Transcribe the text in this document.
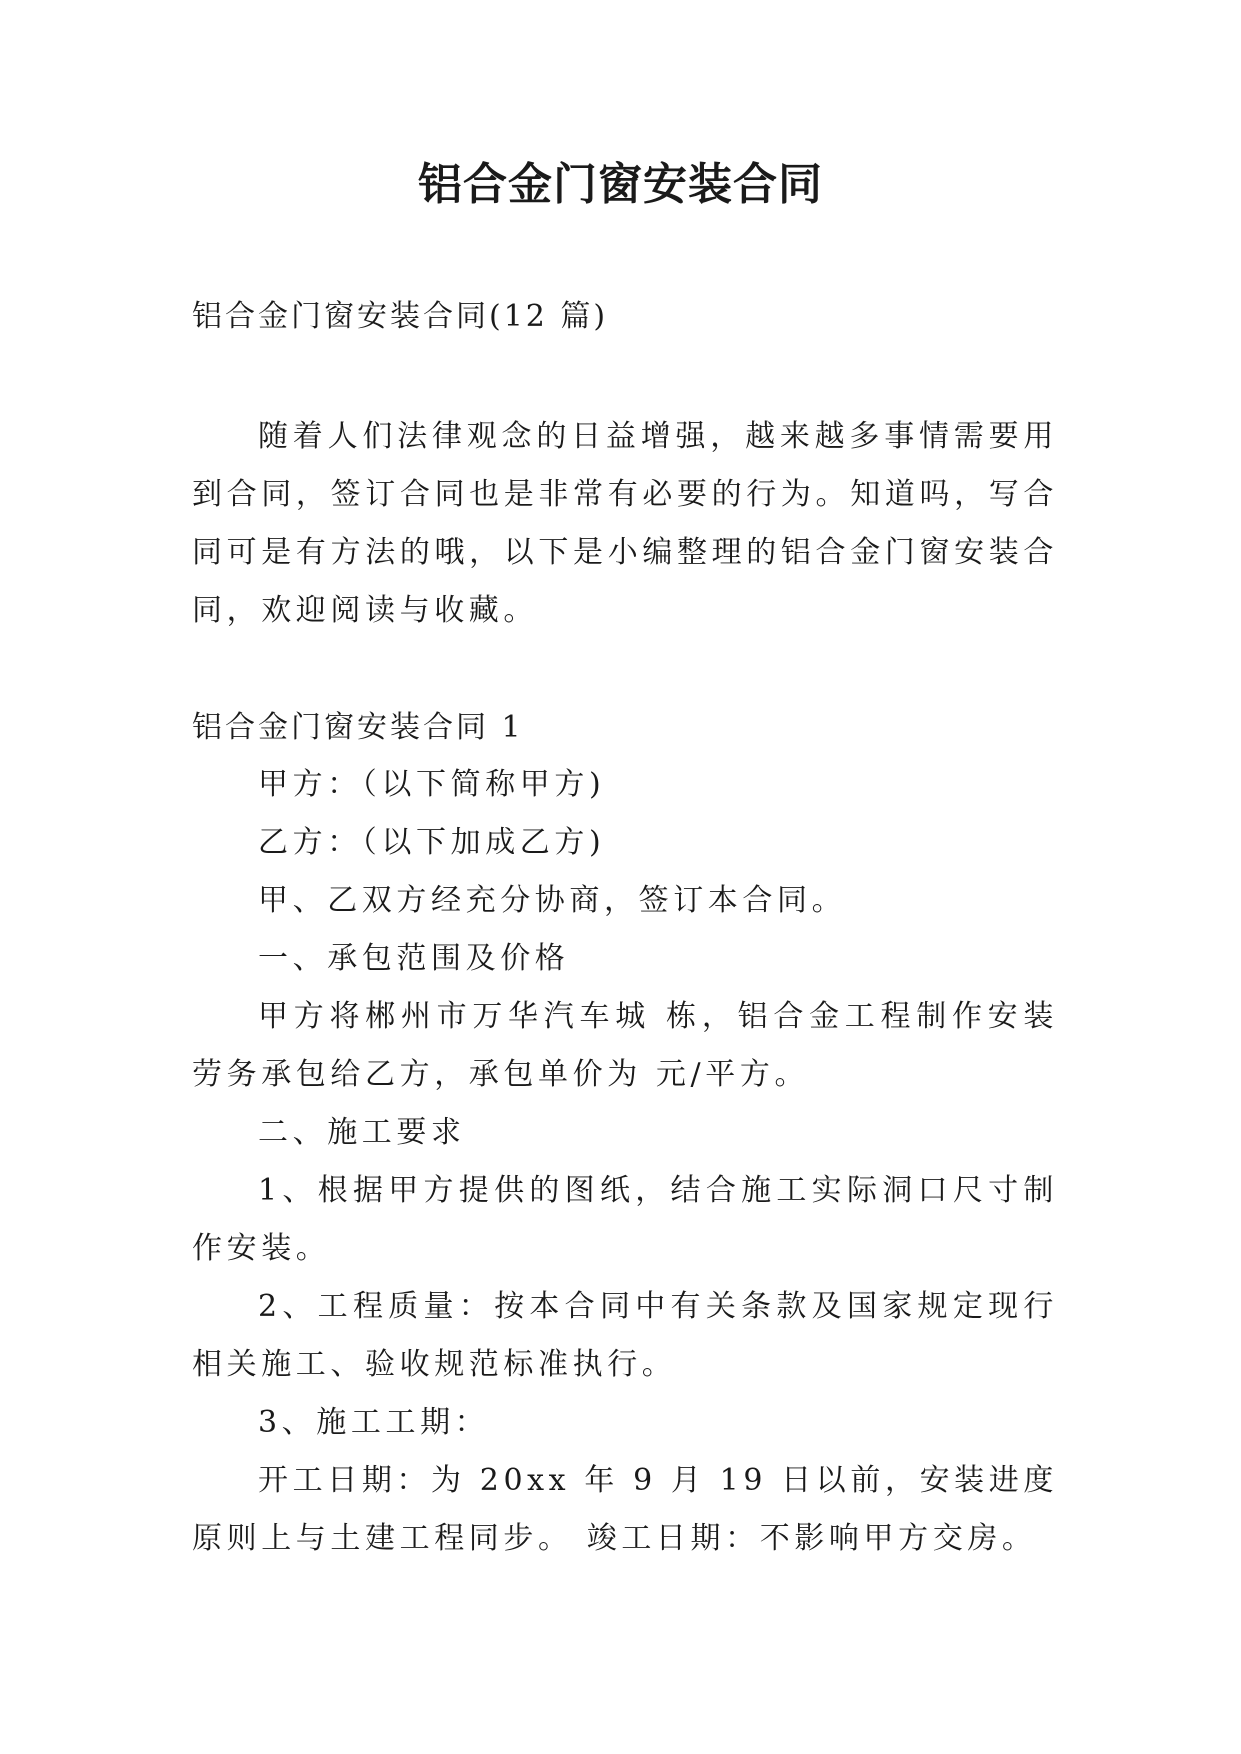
铝合金门窗安装合同
铝合金门窗安装合同(12 篇)

随着人们法律观念的日益增强，越来越多事情需要用到合同，签订合同也是非常有必要的行为。知道吗，写合同可是有方法的哦，以下是小编整理的铝合金门窗安装合同，欢迎阅读与收藏。

铝合金门窗安装合同 1

甲方：（以下简称甲方)

乙方：（以下加成乙方)

甲、乙双方经充分协商，签订本合同。

一、承包范围及价格

甲方将郴州市万华汽车城 栋，铝合金工程制作安装劳务承包给乙方，承包单价为 元/平方。

二、施工要求

1、根据甲方提供的图纸，结合施工实际洞口尺寸制作安装。

2、工程质量：按本合同中有关条款及国家规定现行相关施工、验收规范标准执行。

3、施工工期：

开工日期：为 20xx 年 9 月 19 日以前，安装进度原则上与土建工程同步。 竣工日期：不影响甲方交房。
